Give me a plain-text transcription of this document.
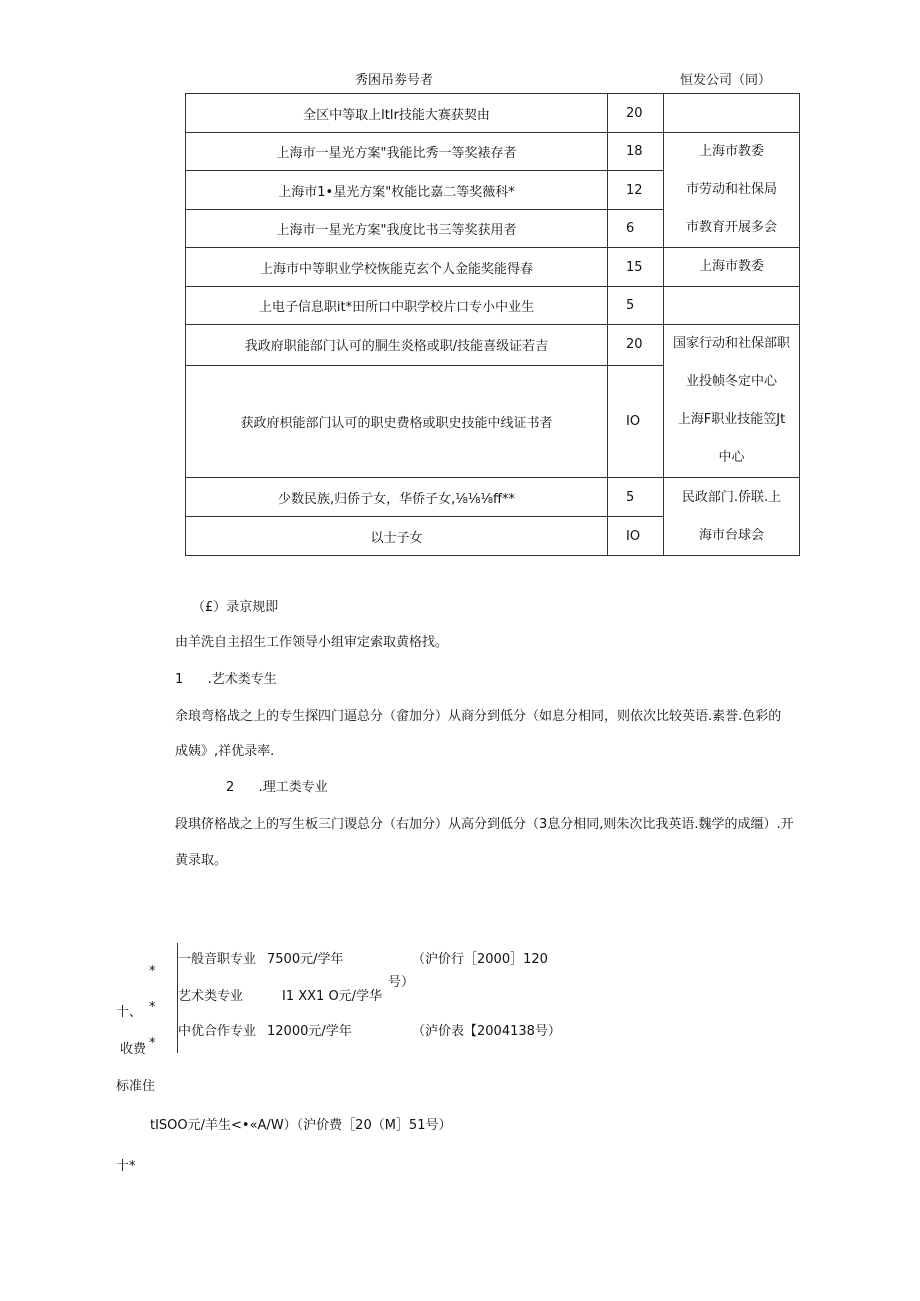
秀困吊劵号者	恒发公司（同）
全区中等取上ltlr技能大赛获契由	20	
上海市一星光方案"我能比秀一等奖裱存者	18	上海市教委
市劳动和社保局
市教育开展多会

上海市1•星光方案"枚能比嘉二等奖薇科*	12	
上海市一星光方案"我度比书三等奖获用者	6	
上海市中等职业学校恢能克玄个人金能奖能得春	15	上海市教委
上电子信息职it*田所口中职学校片口专小中业生	5	
我政府职能部门认可的胴生炎格或职/技能喜级证若吉	20	国家行动和社保部职
业投帧冬定中心
上海F职业技能笠Jt
中心

获政府枳能部门认可的职史费格或职史技能中线证书者	IO	
少数民族,归侨亍女，华侨子女,⅛⅛⅛ff**	5	民政部门.侨联.上
海市台球会

以士子女	IO	
（£）录京规即
由羊洗自主招生工作领导小组审定索取黄格找。
1 .艺术类专生
余琅弯格战之上的专生探四门逼总分（畲加分）从商分到低分（如息分相同，则依次比较英语.素誉.色彩的
成姨》,祥优录率.
2 .理工类专业
段琪侪格战之上的写生板三门谡总分（右加分）从高分到低分（3息分相同,则朱次比我英语.魏学的成缰）.开
黄录取。
*
*
*
十、
收费
标准住
一般音职专业 7500元/学年	（沪价行［2000］120
号）
艺术类专业	I1 XX1 O元/学华
中优合作专业 12000元/学年	（泸价表【2004138号）
tISOO元/羊生<•«A/W）（沪价费［20（M］51号）
十*
